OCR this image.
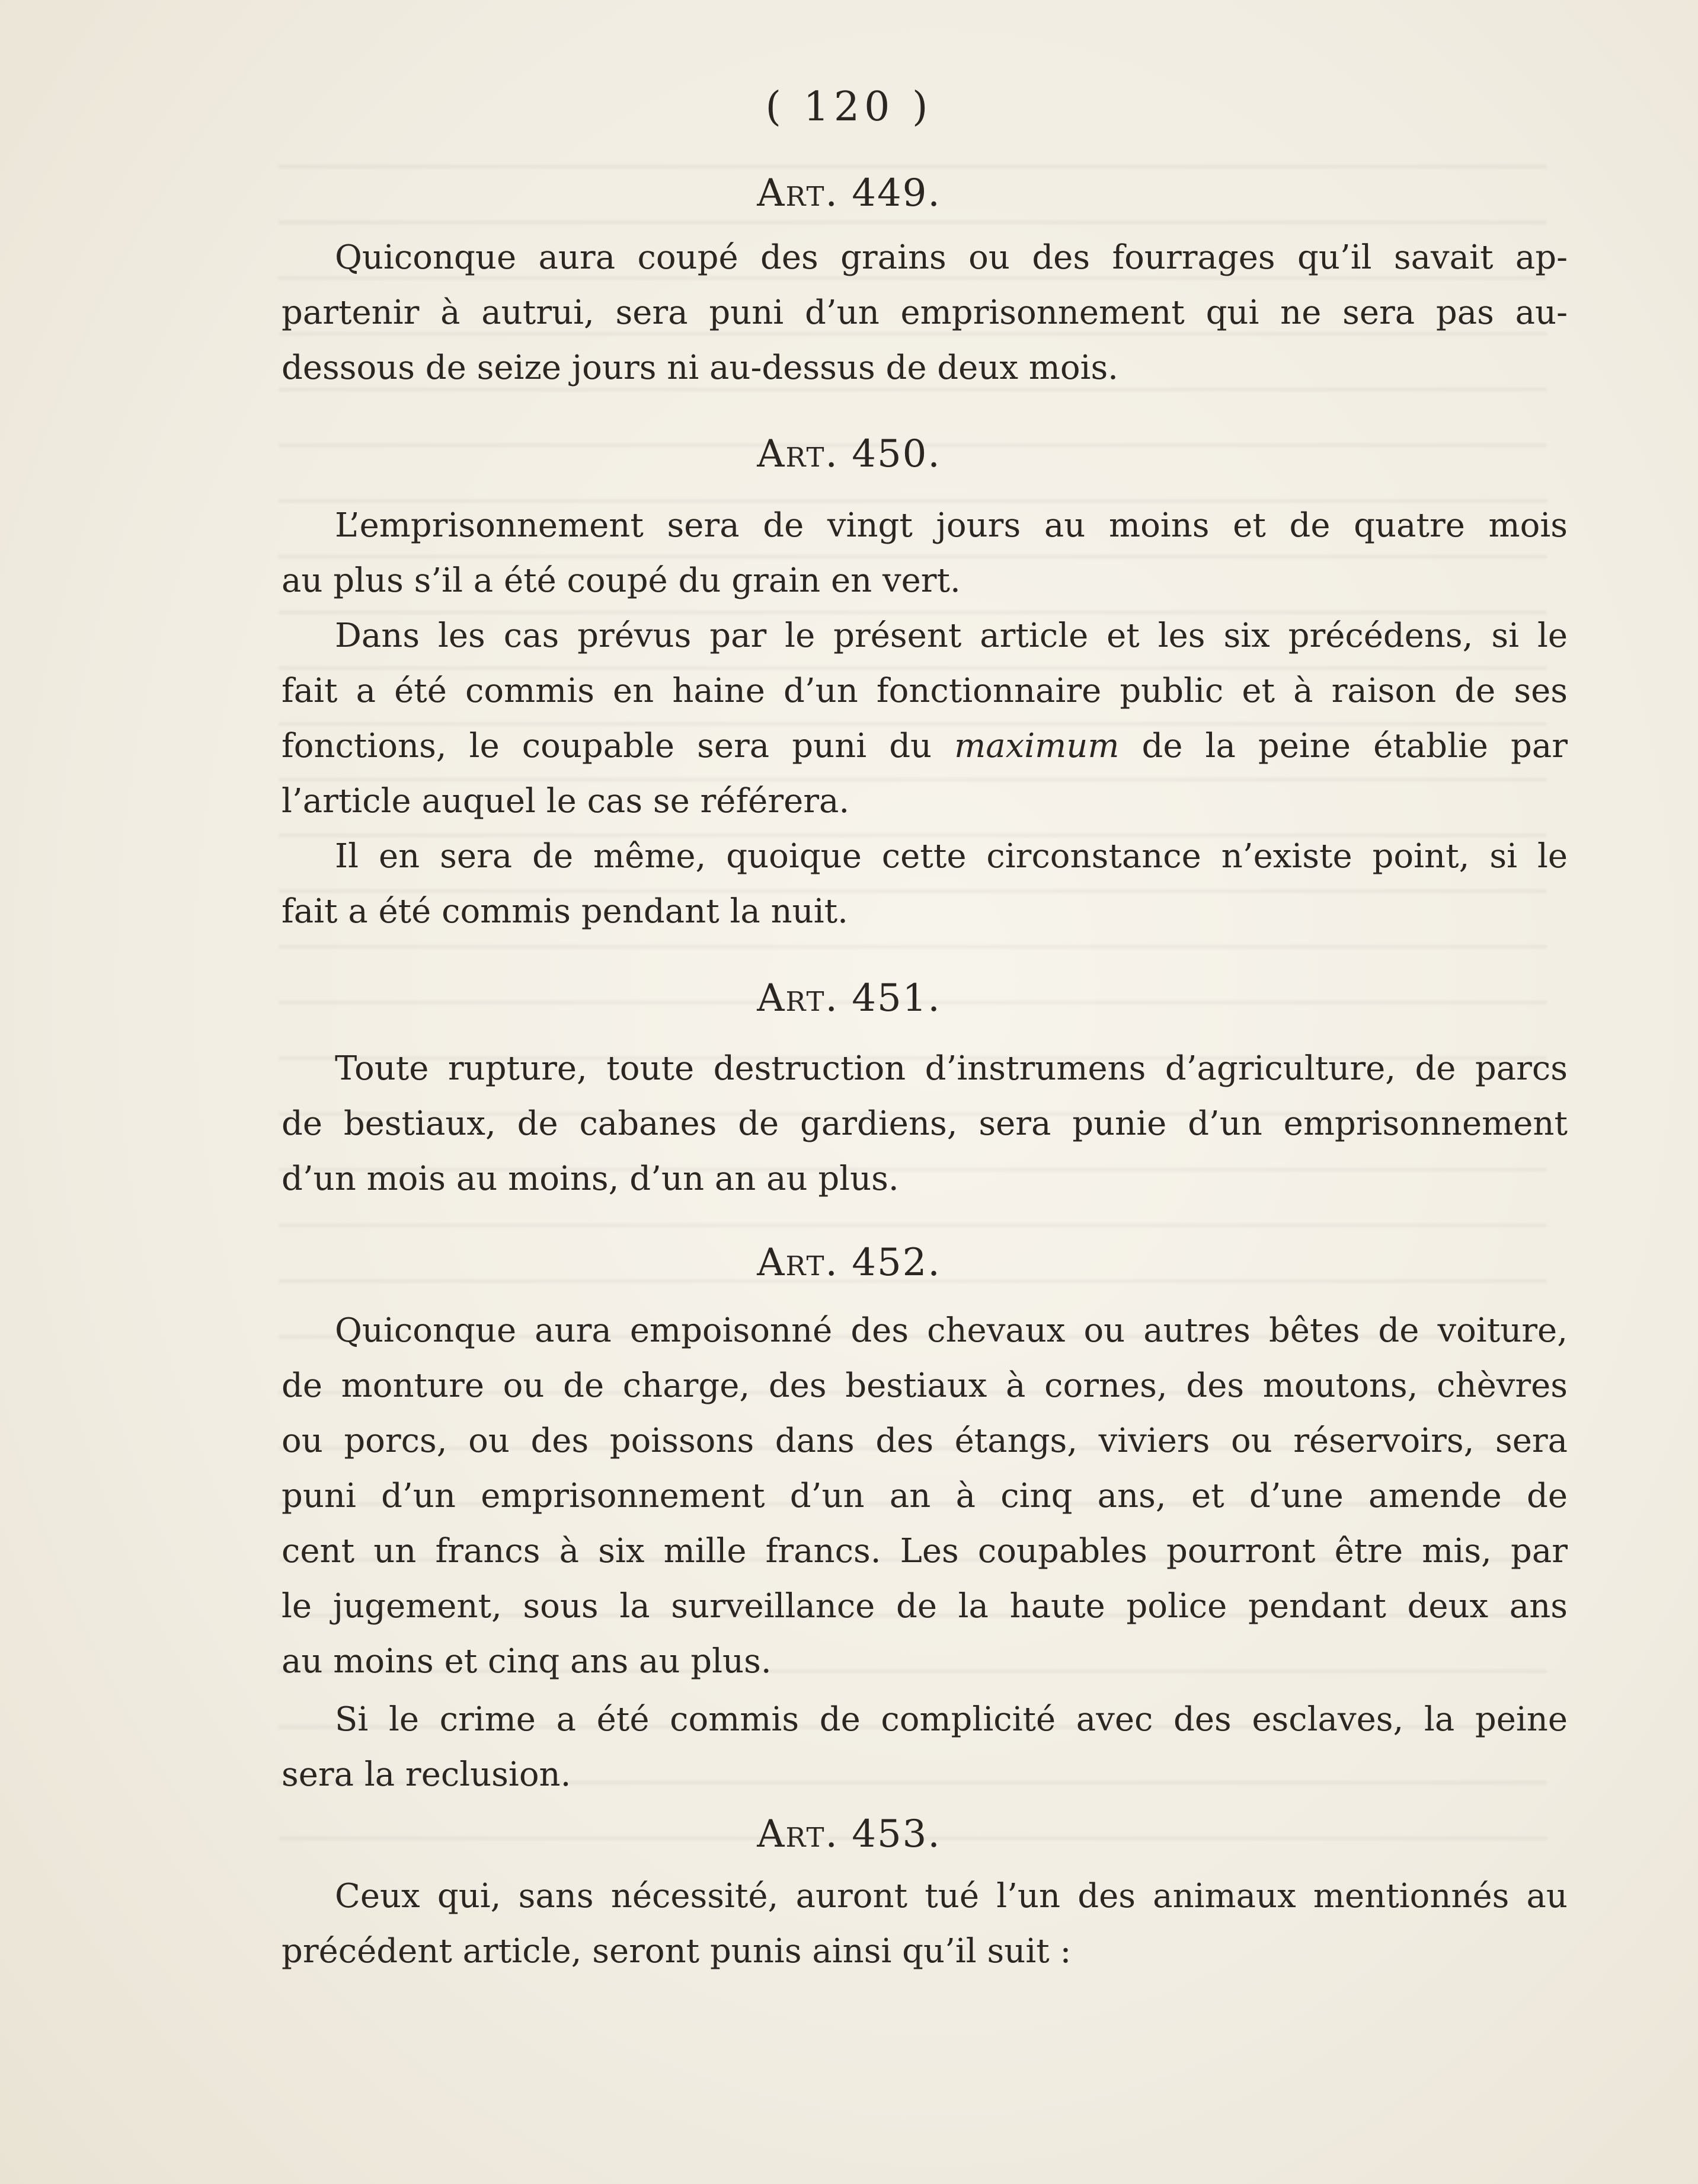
( 120 )
Art. 449.

Quiconque aura coupé des grains ou des fourrages qu’il savait ap-

partenir à autrui, sera puni d’un emprisonnement qui ne sera pas au-

dessous de seize jours ni au-dessus de deux mois.

Art. 450.

L’emprisonnement sera de vingt jours au moins et de quatre mois

au plus s’il a été coupé du grain en vert.

Dans les cas prévus par le présent article et les six précédens, si le

fait a été commis en haine d’un fonctionnaire public et à raison de ses

fonctions, le coupable sera puni du maximum de la peine établie par

l’article auquel le cas se référera.

Il en sera de même, quoique cette circonstance n’existe point, si le

fait a été commis pendant la nuit.

Art. 451.

Toute rupture, toute destruction d’instrumens d’agriculture, de parcs

de bestiaux, de cabanes de gardiens, sera punie d’un emprisonnement

d’un mois au moins, d’un an au plus.

Art. 452.

Quiconque aura empoisonné des chevaux ou autres bêtes de voiture,

de monture ou de charge, des bestiaux à cornes, des moutons, chèvres

ou porcs, ou des poissons dans des étangs, viviers ou réservoirs, sera

puni d’un emprisonnement d’un an à cinq ans, et d’une amende de

cent un francs à six mille francs. Les coupables pourront être mis, par

le jugement, sous la surveillance de la haute police pendant deux ans

au moins et cinq ans au plus.

Si le crime a été commis de complicité avec des esclaves, la peine

sera la reclusion.

Art. 453.

Ceux qui, sans nécessité, auront tué l’un des animaux mentionnés au

précédent article, seront punis ainsi qu’il suit :
